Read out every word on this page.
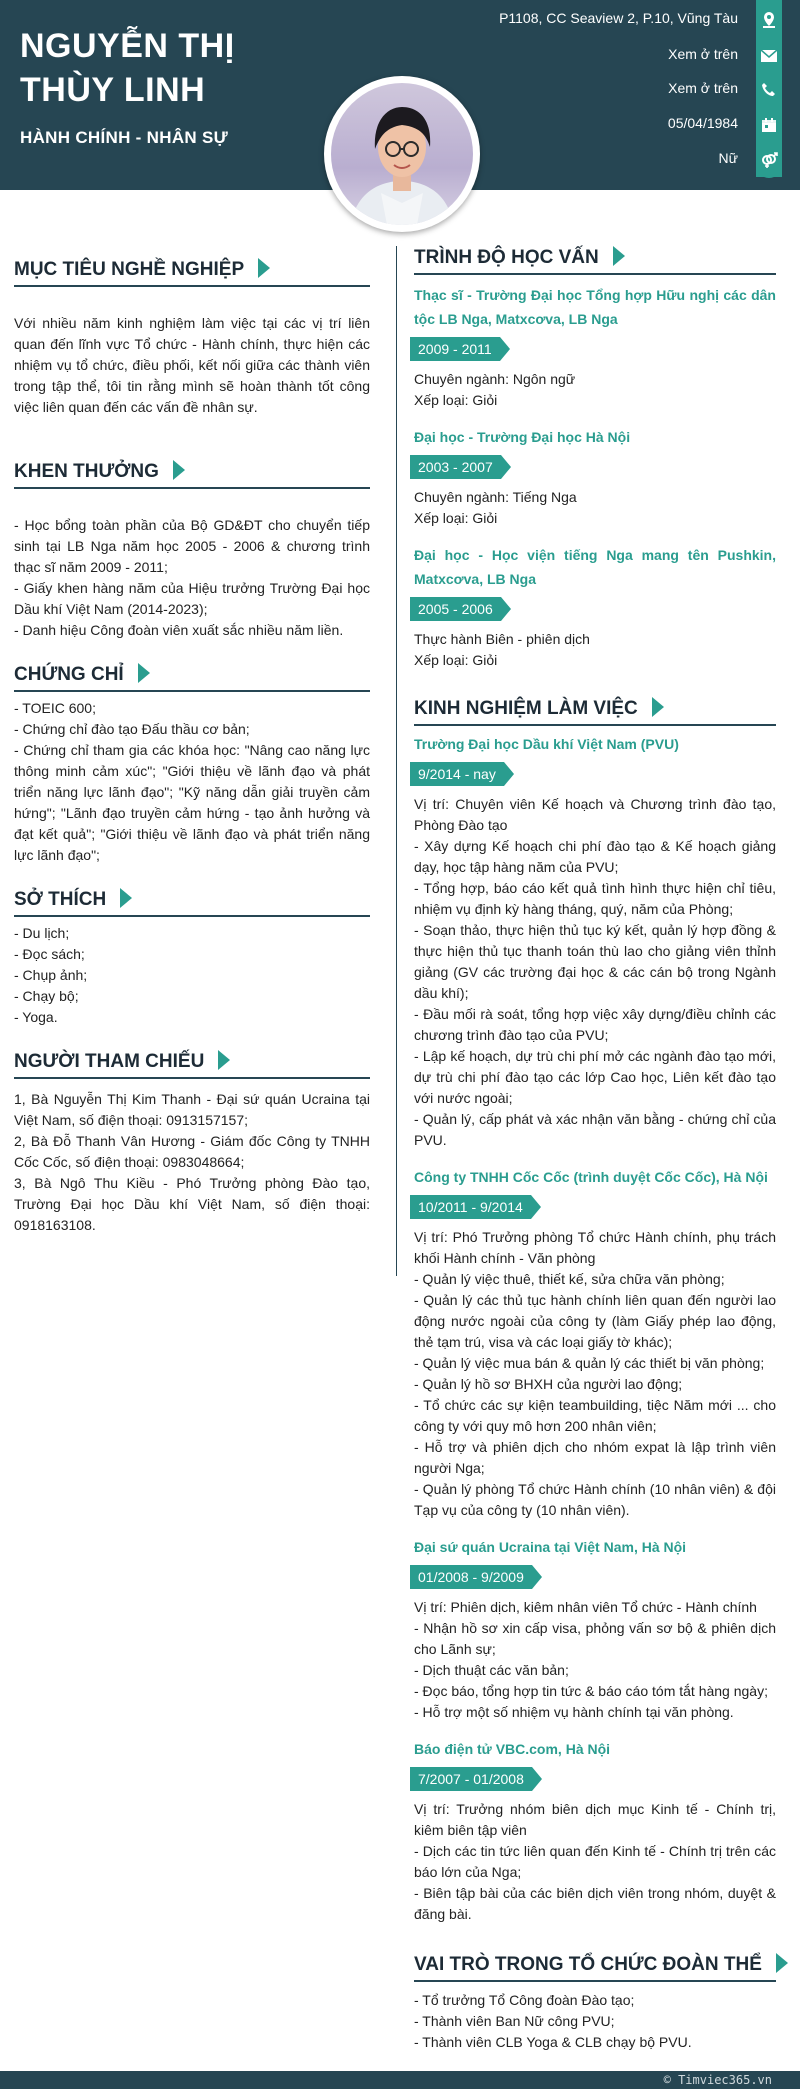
NGUYỄN THỊ THÙY LINH
HÀNH CHÍNH - NHÂN SỰ
P1108, CC Seaview 2, P.10, Vũng Tàu
Xem ở trên
Xem ở trên
05/04/1984
Nữ
MỤC TIÊU NGHỀ NGHIỆP
Với nhiều năm kinh nghiệm làm việc tại các vị trí liên quan đến lĩnh vực Tổ chức - Hành chính, thực hiện các nhiệm vụ tổ chức, điều phối, kết nối giữa các thành viên trong tập thể, tôi tin rằng mình sẽ hoàn thành tốt công việc liên quan đến các vấn đề nhân sự.
KHEN THƯỞNG
- Học bổng toàn phần của Bộ GD&ĐT cho chuyển tiếp sinh tại LB Nga năm học 2005 - 2006 & chương trình thạc sĩ năm 2009 - 2011;
- Giấy khen hàng năm của Hiệu trưởng Trường Đại học Dầu khí Việt Nam (2014-2023);
- Danh hiệu Công đoàn viên xuất sắc nhiều năm liền.
CHỨNG CHỈ
- TOEIC 600;
- Chứng chỉ đào tạo Đấu thầu cơ bản;
- Chứng chỉ tham gia các khóa học: "Nâng cao năng lực thông minh cảm xúc"; "Giới thiệu về lãnh đạo và phát triển năng lực lãnh đạo"; "Kỹ năng dẫn giải truyền cảm hứng"; "Lãnh đạo truyền cảm hứng - tạo ảnh hưởng và đạt kết quả"; "Giới thiệu về lãnh đạo và phát triển năng lực lãnh đạo";
SỞ THÍCH
- Du lịch;
- Đọc sách;
- Chụp ảnh;
- Chạy bộ;
- Yoga.
NGƯỜI THAM CHIẾU
1, Bà Nguyễn Thị Kim Thanh - Đại sứ quán Ucraina tại Việt Nam, số điện thoại: 0913157157;
2, Bà Đỗ Thanh Vân Hương - Giám đốc Công ty TNHH Cốc Cốc, số điện thoại: 0983048664;
3, Bà Ngô Thu Kiều - Phó Trưởng phòng Đào tạo, Trường Đại học Dầu khí Việt Nam, số điện thoại: 0918163108.
TRÌNH ĐỘ HỌC VẤN
Thạc sĩ - Trường Đại học Tổng hợp Hữu nghị các dân tộc LB Nga, Matxcơva, LB Nga
2009 - 2011
Chuyên ngành: Ngôn ngữ
Xếp loại: Giỏi
Đại học - Trường Đại học Hà Nội
2003 - 2007
Chuyên ngành: Tiếng Nga
Xếp loại: Giỏi
Đại học - Học viện tiếng Nga mang tên Pushkin, Matxcơva, LB Nga
2005 - 2006
Thực hành Biên - phiên dịch
Xếp loại: Giỏi
KINH NGHIỆM LÀM VIỆC
Trường Đại học Dầu khí Việt Nam (PVU)
9/2014 - nay
Vị trí: Chuyên viên Kế hoạch và Chương trình đào tạo, Phòng Đào tạo
- Xây dựng Kế hoạch chi phí đào tạo & Kế hoạch giảng dạy, học tập hàng năm của PVU;
- Tổng hợp, báo cáo kết quả tình hình thực hiện chỉ tiêu, nhiệm vụ định kỳ hàng tháng, quý, năm của Phòng;
- Soạn thảo, thực hiện thủ tục ký kết, quản lý hợp đồng & thực hiện thủ tục thanh toán thù lao cho giảng viên thỉnh giảng (GV các trường đại học & các cán bộ trong Ngành dầu khí);
- Đầu mối rà soát, tổng hợp việc xây dựng/điều chỉnh các chương trình đào tạo của PVU;
- Lập kế hoạch, dự trù chi phí mở các ngành đào tạo mới, dự trù chi phí đào tạo các lớp Cao học, Liên kết đào tạo với nước ngoài;
- Quản lý, cấp phát và xác nhận văn bằng - chứng chỉ của PVU.
Công ty TNHH Cốc Cốc (trình duyệt Cốc Cốc), Hà Nội
10/2011 - 9/2014
Vị trí: Phó Trưởng phòng Tổ chức Hành chính, phụ trách khối Hành chính - Văn phòng
- Quản lý việc thuê, thiết kế, sửa chữa văn phòng;
- Quản lý các thủ tục hành chính liên quan đến người lao động nước ngoài của công ty (làm Giấy phép lao động, thẻ tạm trú, visa và các loại giấy tờ khác);
- Quản lý việc mua bán & quản lý các thiết bị văn phòng;
- Quản lý hồ sơ BHXH của người lao động;
- Tổ chức các sự kiện teambuilding, tiệc Năm mới ... cho công ty với quy mô hơn 200 nhân viên;
- Hỗ trợ và phiên dịch cho nhóm expat là lập trình viên người Nga;
- Quản lý phòng Tổ chức Hành chính (10 nhân viên) & đội Tạp vụ của công ty (10 nhân viên).
Đại sứ quán Ucraina tại Việt Nam, Hà Nội
01/2008 - 9/2009
Vị trí: Phiên dịch, kiêm nhân viên Tổ chức - Hành chính
- Nhận hồ sơ xin cấp visa, phỏng vấn sơ bộ & phiên dịch cho Lãnh sự;
- Dịch thuật các văn bản;
- Đọc báo, tổng hợp tin tức & báo cáo tóm tắt hàng ngày;
- Hỗ trợ một số nhiệm vụ hành chính tại văn phòng.
Báo điện tử VBC.com, Hà Nội
7/2007 - 01/2008
Vị trí: Trưởng nhóm biên dịch mục Kinh tế - Chính trị, kiêm biên tập viên
- Dịch các tin tức liên quan đến Kinh tế - Chính trị trên các báo lớn của Nga;
- Biên tập bài của các biên dịch viên trong nhóm, duyệt & đăng bài.
VAI TRÒ TRONG TỔ CHỨC ĐOÀN THỂ
- Tổ trưởng Tổ Công đoàn Đào tạo;
- Thành viên Ban Nữ công PVU;
- Thành viên CLB Yoga & CLB chạy bộ PVU.
© Timviec365.vn
